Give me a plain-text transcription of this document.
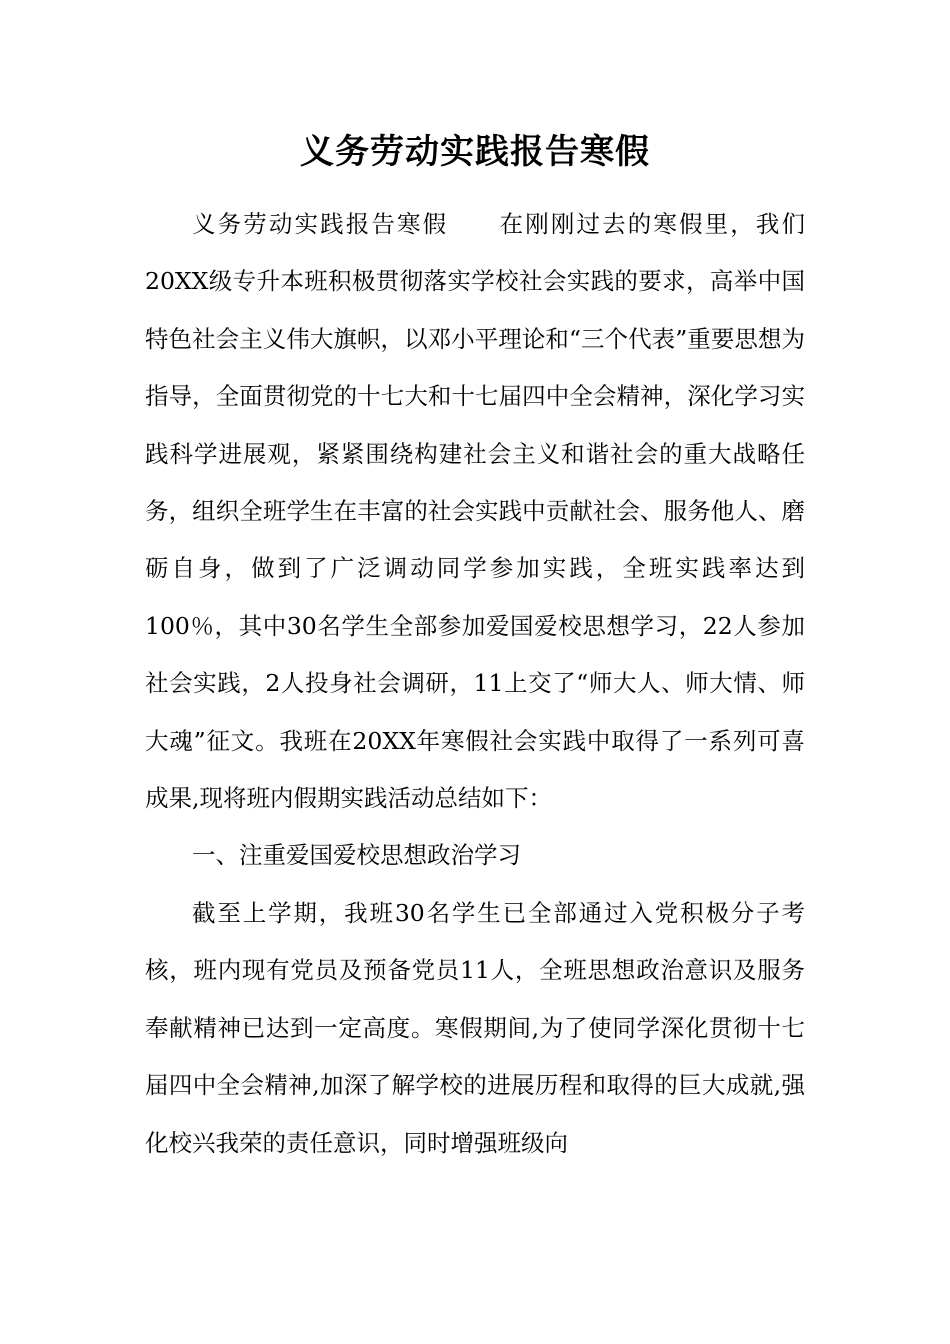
义务劳动实践报告寒假

义务劳动实践报告寒假　　在刚刚过去的寒假里，我们20XX级专升本班积极贯彻落实学校社会实践的要求，高举中国特色社会主义伟大旗帜，以邓小平理论和“三个代表”重要思想为指导，全面贯彻党的十七大和十七届四中全会精神，深化学习实践科学进展观，紧紧围绕构建社会主义和谐社会的重大战略任务，组织全班学生在丰富的社会实践中贡献社会、服务他人、磨砺自身，做到了广泛调动同学参加实践，全班实践率达到100％，其中30名学生全部参加爱国爱校思想学习，22人参加社会实践，2人投身社会调研，11上交了“师大人、师大情、师大魂”征文。我班在20XX年寒假社会实践中取得了一系列可喜成果,现将班内假期实践活动总结如下：

一、注重爱国爱校思想政治学习

截至上学期，我班30名学生已全部通过入党积极分子考核，班内现有党员及预备党员11人，全班思想政治意识及服务奉献精神已达到一定高度。寒假期间,为了使同学深化贯彻十七届四中全会精神,加深了解学校的进展历程和取得的巨大成就,强化校兴我荣的责任意识，同时增强班级向
